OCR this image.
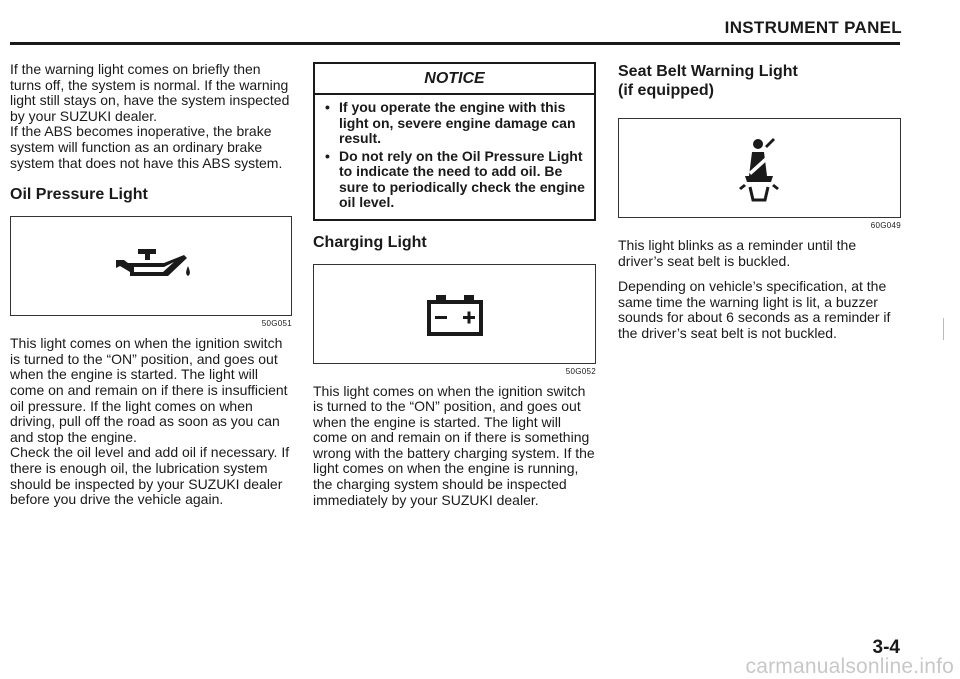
INSTRUMENT PANEL

If the warning light comes on briefly then turns off, the system is normal. If the warning light still stays on, have the system inspected by your SUZUKI dealer.
If the ABS becomes inoperative, the brake system will function as an ordinary brake system that does not have this ABS system.

Oil Pressure Light
50G051

This light comes on when the ignition switch is turned to the “ON” position, and goes out when the engine is started. The light will come on and remain on if there is insufficient oil pressure. If the light comes on when driving, pull off the road as soon as you can and stop the engine.
Check the oil level and add oil if necessary. If there is enough oil, the lubrication system should be inspected by your SUZUKI dealer before you drive the vehicle again.

NOTICE
• If you operate the engine with this light on, severe engine damage can result.
• Do not rely on the Oil Pressure Light to indicate the need to add oil. Be sure to periodically check the engine oil level.
Charging Light
50G052

This light comes on when the ignition switch is turned to the “ON” position, and goes out when the engine is started. The light will come on and remain on if there is something wrong with the battery charging system. If the light comes on when the engine is running, the charging system should be inspected immediately by your SUZUKI dealer.

Seat Belt Warning Light
(if equipped)
60G049

This light blinks as a reminder until the driver’s seat belt is buckled.

Depending on vehicle’s specification, at the same time the warning light is lit, a buzzer sounds for about 6 seconds as a reminder if the driver’s seat belt is not buckled.

3-4
carmanualsonline.info
